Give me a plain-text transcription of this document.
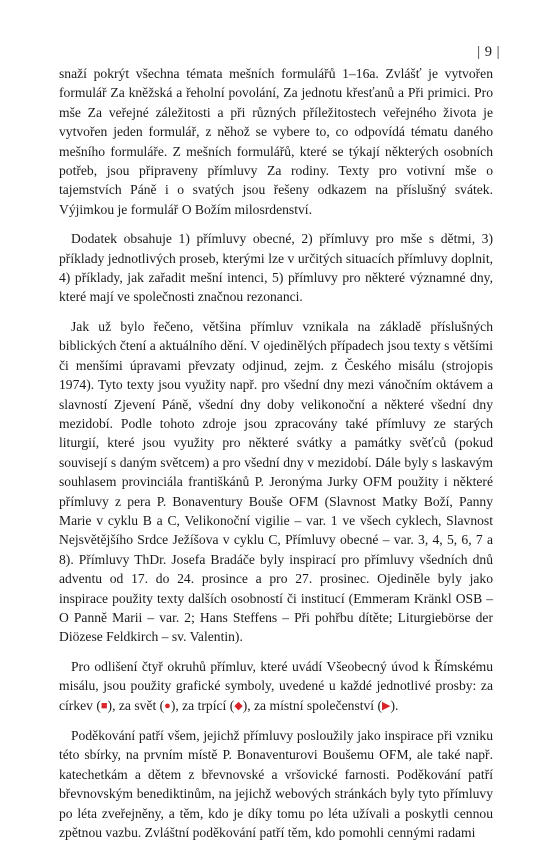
| 9 |

snaží pokrýt všechna témata mešních formulářů 1–16a. Zvlášť je vytvořen formulář Za kněžská a řeholní povolání, Za jednotu křesťanů a Při primici. Pro mše Za veřejné záležitosti a při různých příležitostech veřejného života je vytvořen jeden formulář, z něhož se vybere to, co odpovídá tématu daného mešního formuláře. Z mešních formulářů, které se týkají některých osobních potřeb, jsou připraveny přímluvy Za rodiny. Texty pro votivní mše o tajemstvích Páně i o svatých jsou řešeny odkazem na příslušný svátek. Výjimkou je formulář O Božím milosrdenství.

Dodatek obsahuje 1) přímluvy obecné, 2) přímluvy pro mše s dětmi, 3) příklady jednotlivých proseb, kterými lze v určitých situacích přímluvy doplnit, 4) příklady, jak zařadit mešní intenci, 5) přímluvy pro některé významné dny, které mají ve společnosti značnou rezonanci.

Jak už bylo řečeno, většina přímluv vznikala na základě příslušných biblických čtení a aktuálního dění. V ojedinělých případech jsou texty s většími či menšími úpravami převzaty odjinud, zejm. z Českého misálu (strojopis 1974). Tyto texty jsou využity např. pro všední dny mezi vánočním oktávem a slavností Zjevení Páně, všední dny doby velikonoční a některé všední dny mezidobí. Podle tohoto zdroje jsou zpracovány také přímluvy ze starých liturgií, které jsou využity pro některé svátky a památky svěťců (pokud souvisejí s daným světcem) a pro všední dny v mezidobí. Dále byly s laskavým souhlasem provinciála františkánů P. Jeronýma Jurky OFM použity i některé přímluvy z pera P. Bonaventury Bouše OFM (Slavnost Matky Boží, Panny Marie v cyklu B a C, Velikonoční vigilie – var. 1 ve všech cyklech, Slavnost Nejsvětějšího Srdce Ježíšova v cyklu C, Přímluvy obecné – var. 3, 4, 5, 6, 7 a 8). Přímluvy ThDr. Josefa Bradáče byly inspirací pro přímluvy všedních dnů adventu od 17. do 24. prosince a pro 27. prosinec. Ojediněle byly jako inspirace použity texty dalších osobností či institucí (Emmeram Kränkl OSB – O Panně Marii – var. 2; Hans Steffens – Při pohřbu dítěte; Liturgiebörse der Diözese Feldkirch – sv. Valentin).

Pro odlišení čtyř okruhů přímluv, které uvádí Všeobecný úvod k Římskému misálu, jsou použity grafické symboly, uvedené u každé jednotlivé prosby: za církev (■), za svět (●), za trpící (◆), za místní společenství (▶).

Poděkování patří všem, jejichž přímluvy posloužily jako inspirace při vzniku této sbírky, na prvním místě P. Bonaventurovi Boušemu OFM, ale také např. katechetkám a dětem z břevnovské a vršovické farnosti. Poděkování patří břevnovským benediktinům, na jejichž webových stránkách byly tyto přímluvy po léta zveřejněny, a těm, kdo je díky tomu po léta užívali a poskytli cennou zpětnou vazbu. Zvláštní poděkování patří těm, kdo pomohli cennými radami
